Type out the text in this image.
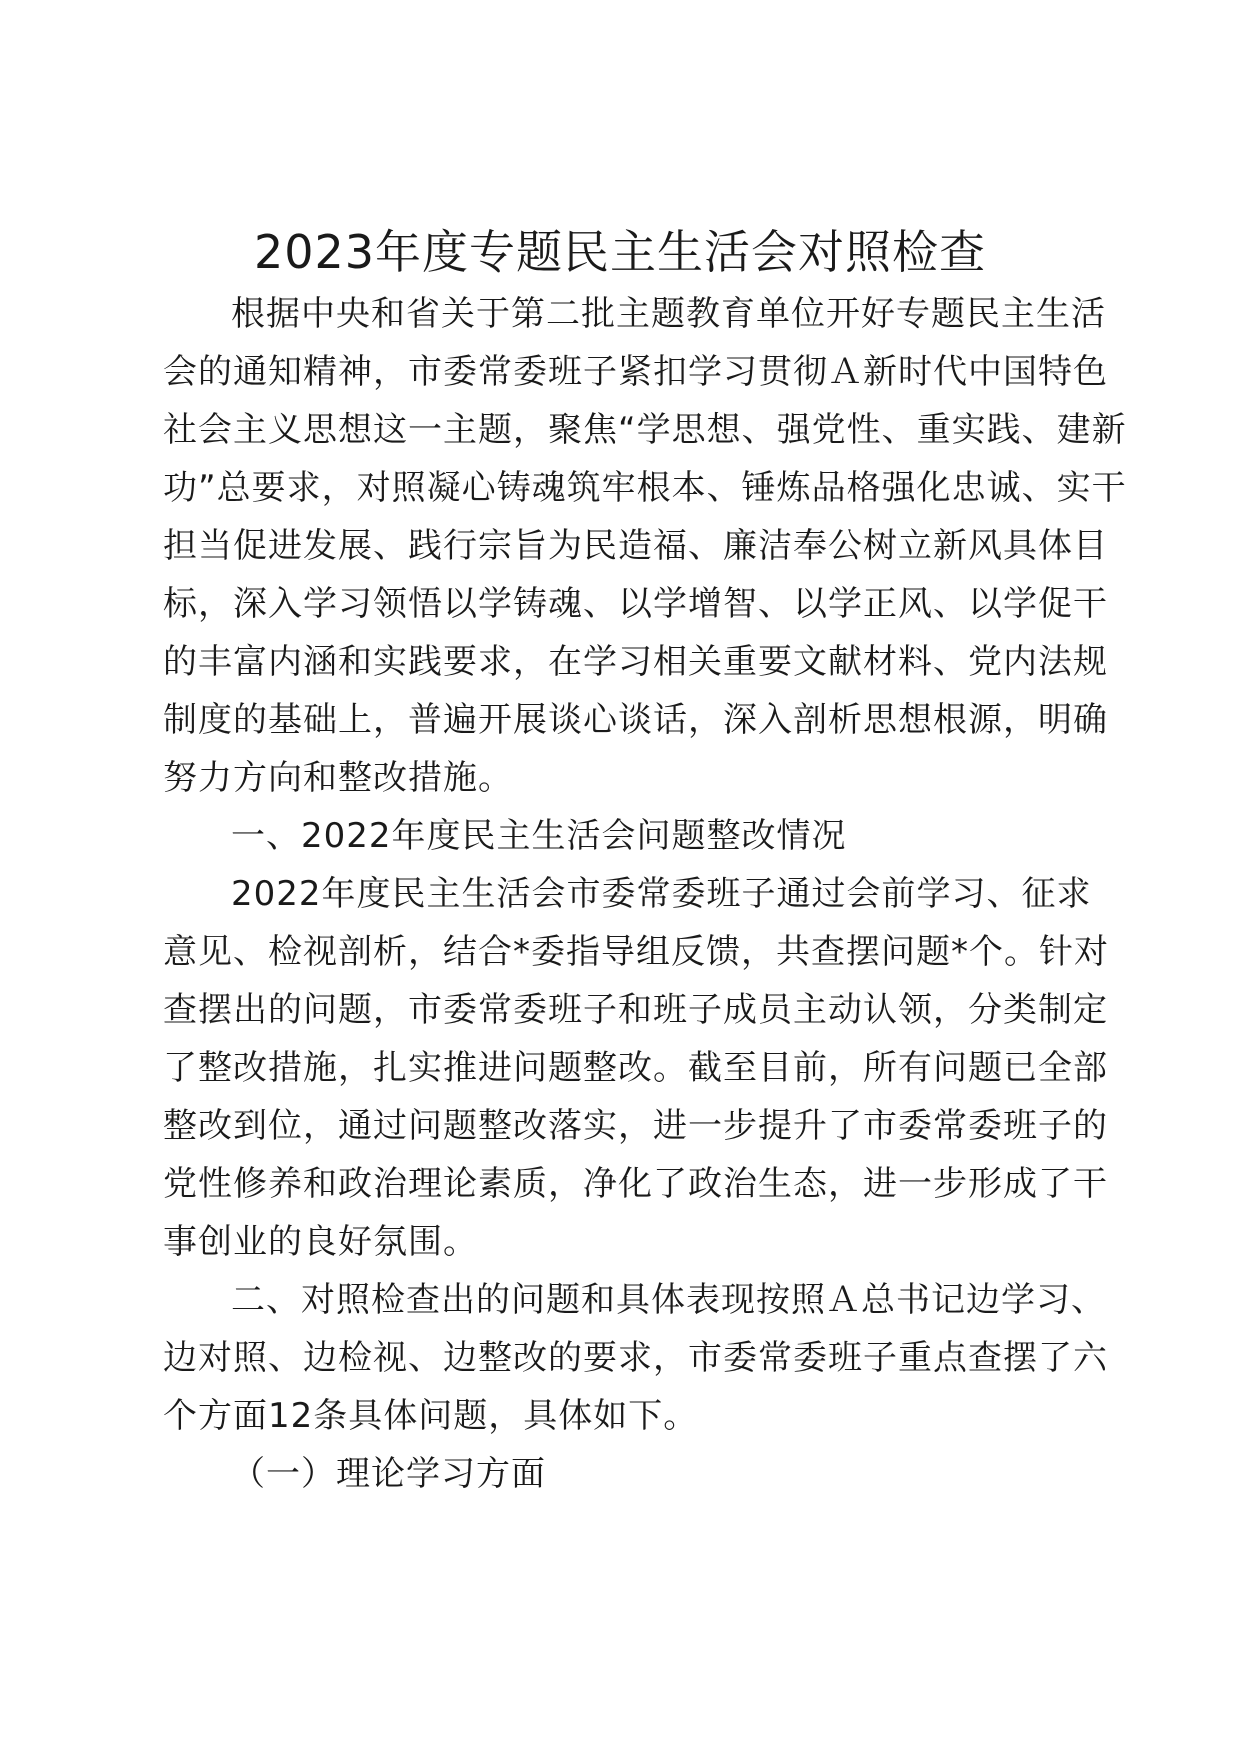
2023年度专题民主生活会对照检查
根据中央和省关于第二批主题教育单位开好专题民主生活
会的通知精神，市委常委班子紧扣学习贯彻Ａ新时代中国特色
社会主义思想这一主题，聚焦“学思想、强党性、重实践、建新
功”总要求，对照凝心铸魂筑牢根本、锤炼品格强化忠诚、实干
担当促进发展、践行宗旨为民造福、廉洁奉公树立新风具体目
标，深入学习领悟以学铸魂、以学增智、以学正风、以学促干
的丰富内涵和实践要求，在学习相关重要文献材料、党内法规
制度的基础上，普遍开展谈心谈话，深入剖析思想根源，明确
努力方向和整改措施。
一、2022年度民主生活会问题整改情况
2022年度民主生活会市委常委班子通过会前学习、征求
意见、检视剖析，结合*委指导组反馈，共查摆问题*个。针对
查摆出的问题，市委常委班子和班子成员主动认领，分类制定
了整改措施，扎实推进问题整改。截至目前，所有问题已全部
整改到位，通过问题整改落实，进一步提升了市委常委班子的
党性修养和政治理论素质，净化了政治生态，进一步形成了干
事创业的良好氛围。
二、对照检查出的问题和具体表现按照Ａ总书记边学习、
边对照、边检视、边整改的要求，市委常委班子重点查摆了六
个方面12条具体问题，具体如下。
（一）理论学习方面
